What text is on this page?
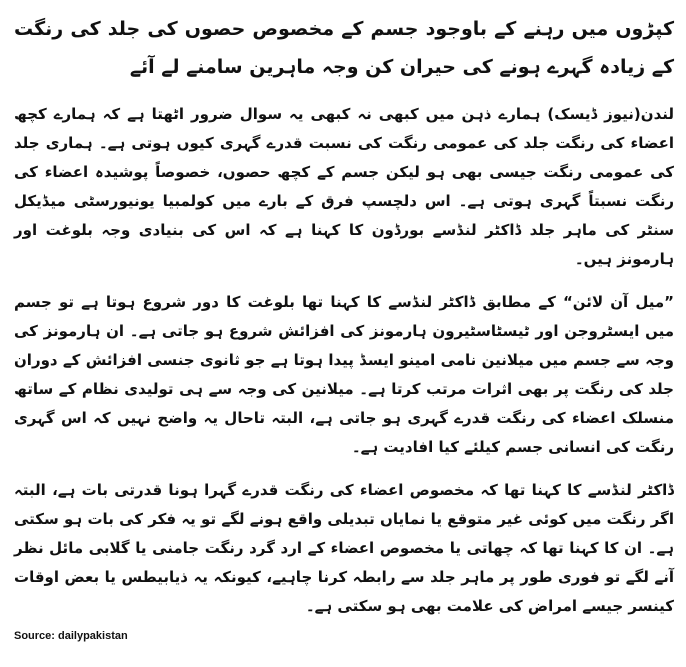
کپڑوں میں رہنے کے باوجود جسم کے مخصوص حصوں کی جلد کی رنگت کے زیادہ گہرے ہونے کی حیران کن وجہ ماہرین سامنے لے آئے

لندن(نیوز ڈیسک) ہمارے ذہن میں کبھی نہ کبھی یہ سوال ضرور اٹھتا ہے کہ ہمارے کچھ اعضاء کی رنگت جلد کی عمومی رنگت کی نسبت قدرے گہری کیوں ہوتی ہے۔ ہماری جلد کی عمومی رنگت جیسی بھی ہو لیکن جسم کے کچھ حصوں، خصوصاً پوشیدہ اعضاء کی رنگت نسبتاً گہری ہوتی ہے۔ اس دلچسپ فرق کے بارے میں کولمبیا یونیورسٹی میڈیکل سنٹر کی ماہر جلد ڈاکٹر لنڈسے بورڈون کا کہنا ہے کہ اس کی بنیادی وجہ بلوغت اور ہارمونز ہیں۔

”میل آن لائن“ کے مطابق ڈاکٹر لنڈسے کا کہنا تھا بلوغت کا دور شروع ہوتا ہے تو جسم میں ایسٹروجن اور ٹیسٹاسٹیرون ہارمونز کی افزائش شروع ہو جاتی ہے۔ ان ہارمونز کی وجہ سے جسم میں میلانین نامی امینو ایسڈ پیدا ہوتا ہے جو ثانوی جنسی افزائش کے دوران جلد کی رنگت پر بھی اثرات مرتب کرتا ہے۔ میلانین کی وجہ سے ہی تولیدی نظام کے ساتھ منسلک اعضاء کی رنگت قدرے گہری ہو جاتی ہے، البتہ تاحال یہ واضح نہیں کہ اس گہری رنگت کی انسانی جسم کیلئے کیا افادیت ہے۔

ڈاکٹر لنڈسے کا کہنا تھا کہ مخصوص اعضاء کی رنگت قدرے گہرا ہونا قدرتی بات ہے، البتہ اگر رنگت میں کوئی غیر متوقع یا نمایاں تبدیلی واقع ہونے لگے تو یہ فکر کی بات ہو سکتی ہے۔ ان کا کہنا تھا کہ چھاتی یا مخصوص اعضاء کے ارد گرد رنگت جامنی یا گلابی مائل نظر آنے لگے تو فوری طور پر ماہر جلد سے رابطہ کرنا چاہیے، کیونکہ یہ ذیابیطس یا بعض اوقات کینسر جیسے امراض کی علامت بھی ہو سکتی ہے۔

Source: dailypakistan
